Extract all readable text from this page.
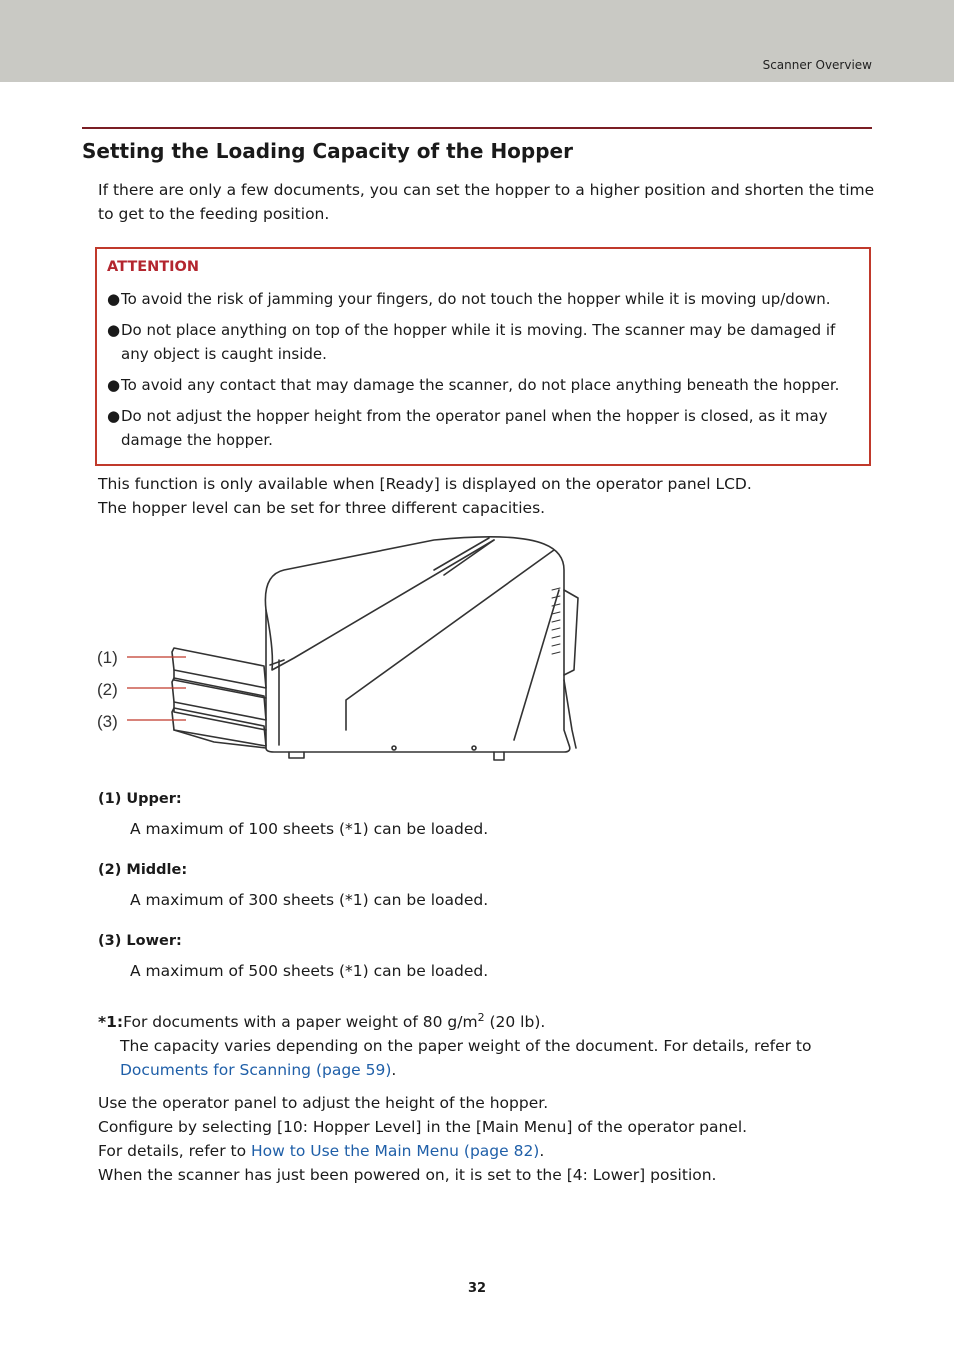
Scanner Overview
Setting the Loading Capacity of the Hopper

If there are only a few documents, you can set the hopper to a higher position and shorten the time to get to the feeding position.

ATTENTION
● To avoid the risk of jamming your fingers, do not touch the hopper while it is moving up/down.
● Do not place anything on top of the hopper while it is moving. The scanner may be damaged if any object is caught inside.
● To avoid any contact that may damage the scanner, do not place anything beneath the hopper.
● Do not adjust the hopper height from the operator panel when the hopper is closed, as it may damage the hopper.
This function is only available when [Ready] is displayed on the operator panel LCD.
The hopper level can be set for three different capacities.
(1)
(2)
(3)
(1) Upper:
A maximum of 100 sheets (*1) can be loaded.
(2) Middle:
A maximum of 300 sheets (*1) can be loaded.
(3) Lower:
A maximum of 500 sheets (*1) can be loaded.
*1:For documents with a paper weight of 80 $g/m^2$ (20 lb).
The capacity varies depending on the paper weight of the document. For details, refer to
Documents for Scanning (page 59).
Use the operator panel to adjust the height of the hopper.
Configure by selecting [10: Hopper Level] in the [Main Menu] of the operator panel.
For details, refer to How to Use the Main Menu (page 82).
When the scanner has just been powered on, it is set to the [4: Lower] position.
32
